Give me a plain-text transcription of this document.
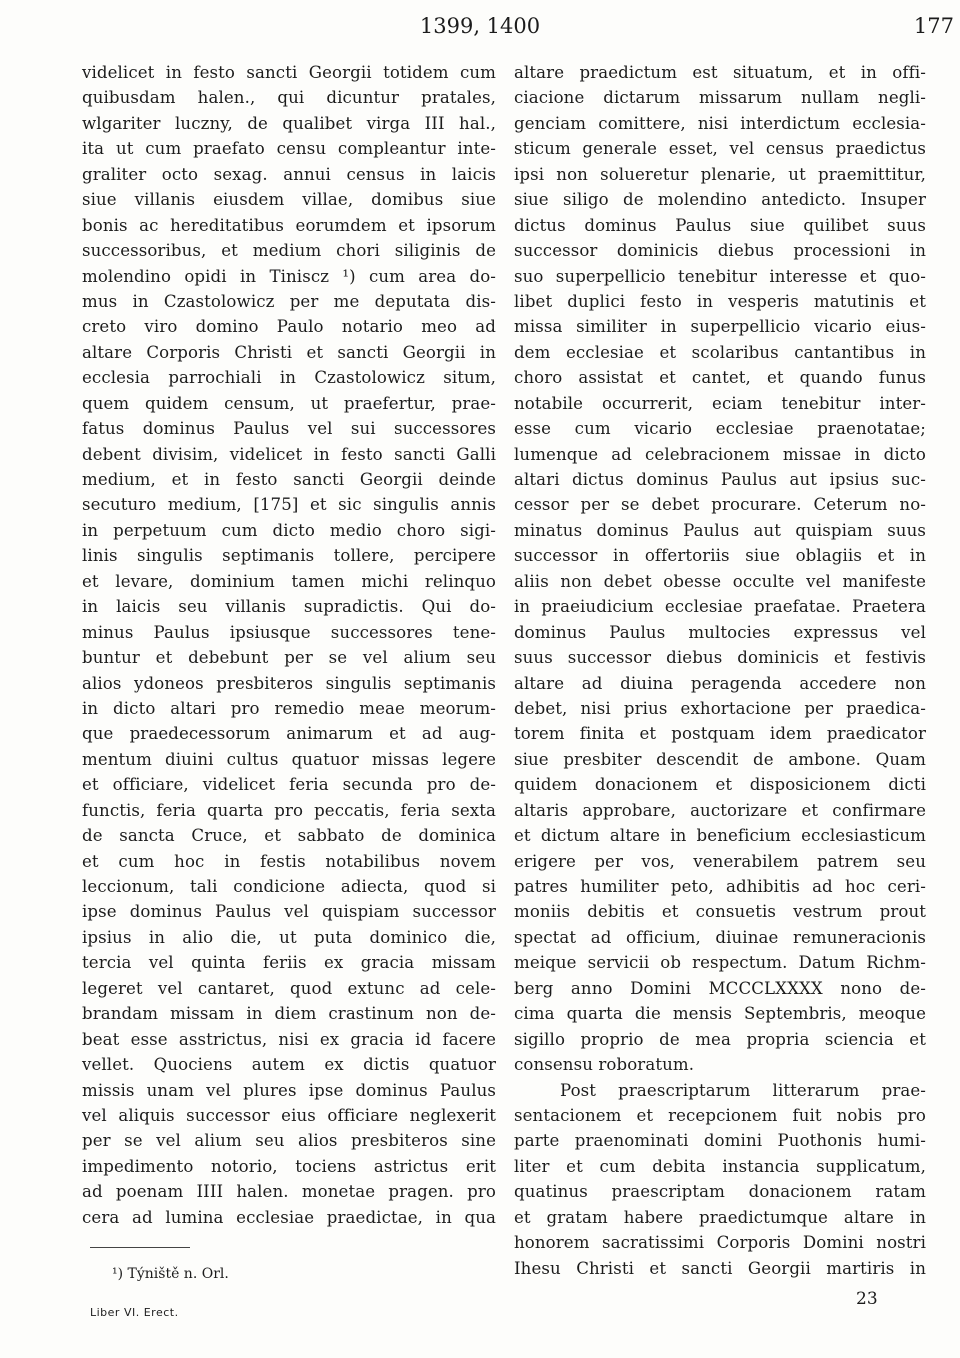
1399, 1400	177
videlicet in festo sancti Georgii totidem cum
quibusdam halen., qui dicuntur pratales,
wlgariter luczny, de qualibet virga III hal.,
ita ut cum praefato censu compleantur inte-
graliter octo sexag. annui census in laicis
siue villanis eiusdem villae, domibus siue
bonis ac hereditatibus eorumdem et ipsorum
successoribus, et medium chori siliginis de
molendino opidi in Tiniscz ¹) cum area do-
mus in Czastolowicz per me deputata dis-
creto viro domino Paulo notario meo ad
altare Corporis Christi et sancti Georgii in
ecclesia parrochiali in Czastolowicz situm,
quem quidem censum, ut praefertur, prae-
fatus dominus Paulus vel sui successores
debent divisim, videlicet in festo sancti Galli
medium, et in festo sancti Georgii deinde
secuturo medium, [175] et sic singulis annis
in perpetuum cum dicto medio choro sigi-
linis singulis septimanis tollere, percipere
et levare, dominium tamen michi relinquo
in laicis seu villanis supradictis. Qui do-
minus Paulus ipsiusque successores tene-
buntur et debebunt per se vel alium seu
alios ydoneos presbiteros singulis septimanis
in dicto altari pro remedio meae meorum-
que praedecessorum animarum et ad aug-
mentum diuini cultus quatuor missas legere
et officiare, videlicet feria secunda pro de-
functis, feria quarta pro peccatis, feria sexta
de sancta Cruce, et sabbato de dominica
et cum hoc in festis notabilibus novem
leccionum, tali condicione adiecta, quod si
ipse dominus Paulus vel quispiam successor
ipsius in alio die, ut puta dominico die,
tercia vel quinta feriis ex gracia missam
legeret vel cantaret, quod extunc ad cele-
brandam missam in diem crastinum non de-
beat esse asstrictus, nisi ex gracia id facere
vellet. Quociens autem ex dictis quatuor
missis unam vel plures ipse dominus Paulus
vel aliquis successor eius officiare neglexerit
per se vel alium seu alios presbiteros sine
impedimento notorio, tociens astrictus erit
ad poenam IIII halen. monetae pragen. pro
cera ad lumina ecclesiae praedictae, in qua
altare praedictum est situatum, et in offi-
ciacione dictarum missarum nullam negli-
genciam comittere, nisi interdictum ecclesia-
sticum generale esset, vel census praedictus
ipsi non solueretur plenarie, ut praemittitur,
siue siligo de molendino antedicto. Insuper
dictus dominus Paulus siue quilibet suus
successor dominicis diebus processioni in
suo superpellicio tenebitur interesse et quo-
libet duplici festo in vesperis matutinis et
missa similiter in superpellicio vicario eius-
dem ecclesiae et scolaribus cantantibus in
choro assistat et cantet, et quando funus
notabile occurrerit, eciam tenebitur inter-
esse cum vicario ecclesiae praenotatae;
lumenque ad celebracionem missae in dicto
altari dictus dominus Paulus aut ipsius suc-
cessor per se debet procurare. Ceterum no-
minatus dominus Paulus aut quispiam suus
successor in offertoriis siue oblagiis et in
aliis non debet obesse occulte vel manifeste
in praeiudicium ecclesiae praefatae. Praetera
dominus Paulus multocies expressus vel
suus successor diebus dominicis et festivis
altare ad diuina peragenda accedere non
debet, nisi prius exhortacione per praedica-
torem finita et postquam idem praedicator
siue presbiter descendit de ambone. Quam
quidem donacionem et disposicionem dicti
altaris approbare, auctorizare et confirmare
et dictum altare in beneficium ecclesiasticum
erigere per vos, venerabilem patrem seu
patres humiliter peto, adhibitis ad hoc ceri-
moniis debitis et consuetis vestrum prout
spectat ad officium, diuinae remuneracionis
meique servicii ob respectum. Datum Richm-
berg anno Domini MCCCLXXXX nono de-
cima quarta die mensis Septembris, meoque
sigillo proprio de mea propria sciencia et
consensu roboratum.
Post praescriptarum litterarum prae-
sentacionem et recepcionem fuit nobis pro
parte praenominati domini Puothonis humi-
liter et cum debita instancia supplicatum,
quatinus praescriptam donacionem ratam
et gratam habere praedictumque altare in
honorem sacratissimi Corporis Domini nostri
Ihesu Christi et sancti Georgii martiris in
¹) Týniště n. Orl.
Liber VI. Erect.
23
